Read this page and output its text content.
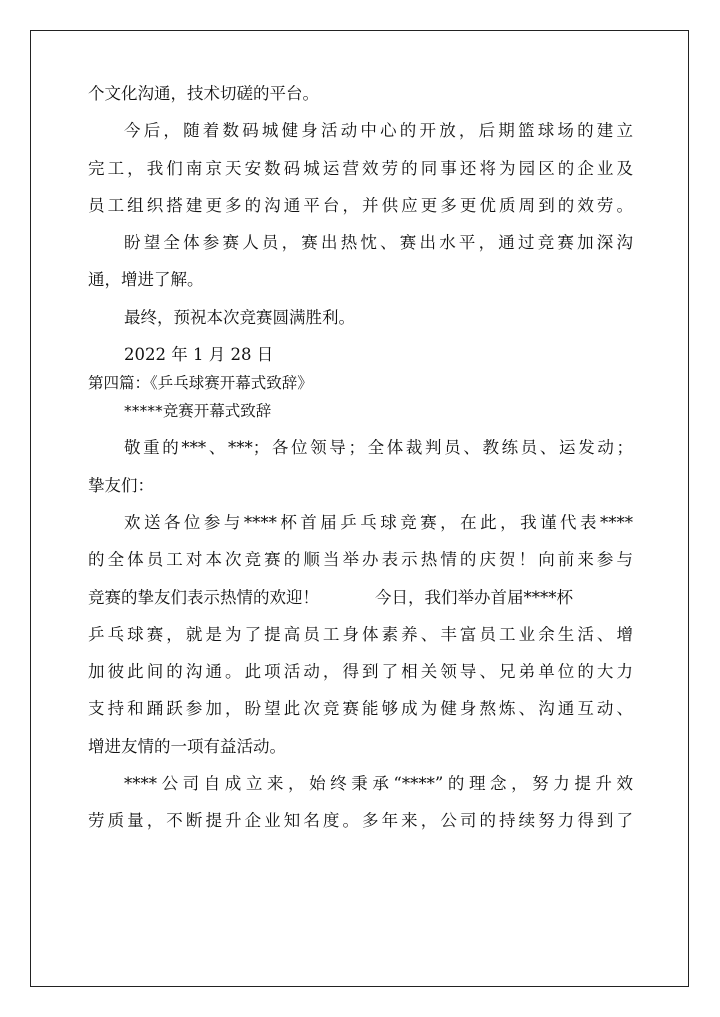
个文化沟通，技术切磋的平台。
今后，随着数码城健身活动中心的开放，后期篮球场的建立
完工，我们南京天安数码城运营效劳的同事还将为园区的企业及
员工组织搭建更多的沟通平台，并供应更多更优质周到的效劳。
盼望全体参赛人员，赛出热忱、赛出水平，通过竞赛加深沟
通，增进了解。
最终，预祝本次竞赛圆满胜利。
2022 年 1 月 28 日
第四篇：《乒乓球赛开幕式致辞》
*****竞赛开幕式致辞
敬重的***、***；各位领导；全体裁判员、教练员、运发动；
挚友们：
欢送各位参与****杯首届乒乓球竞赛，在此，我谨代表****
的全体员工对本次竞赛的顺当举办表示热情的庆贺！向前来参与
竞赛的挚友们表示热情的欢迎！	今日，我们举办首届****杯
乒乓球赛，就是为了提高员工身体素养、丰富员工业余生活、增
加彼此间的沟通。此项活动，得到了相关领导、兄弟单位的大力
支持和踊跃参加，盼望此次竞赛能够成为健身熬炼、沟通互动、
增进友情的一项有益活动。
****公司自成立来，始终秉承“****”的理念，努力提升效
劳质量，不断提升企业知名度。多年来，公司的持续努力得到了
